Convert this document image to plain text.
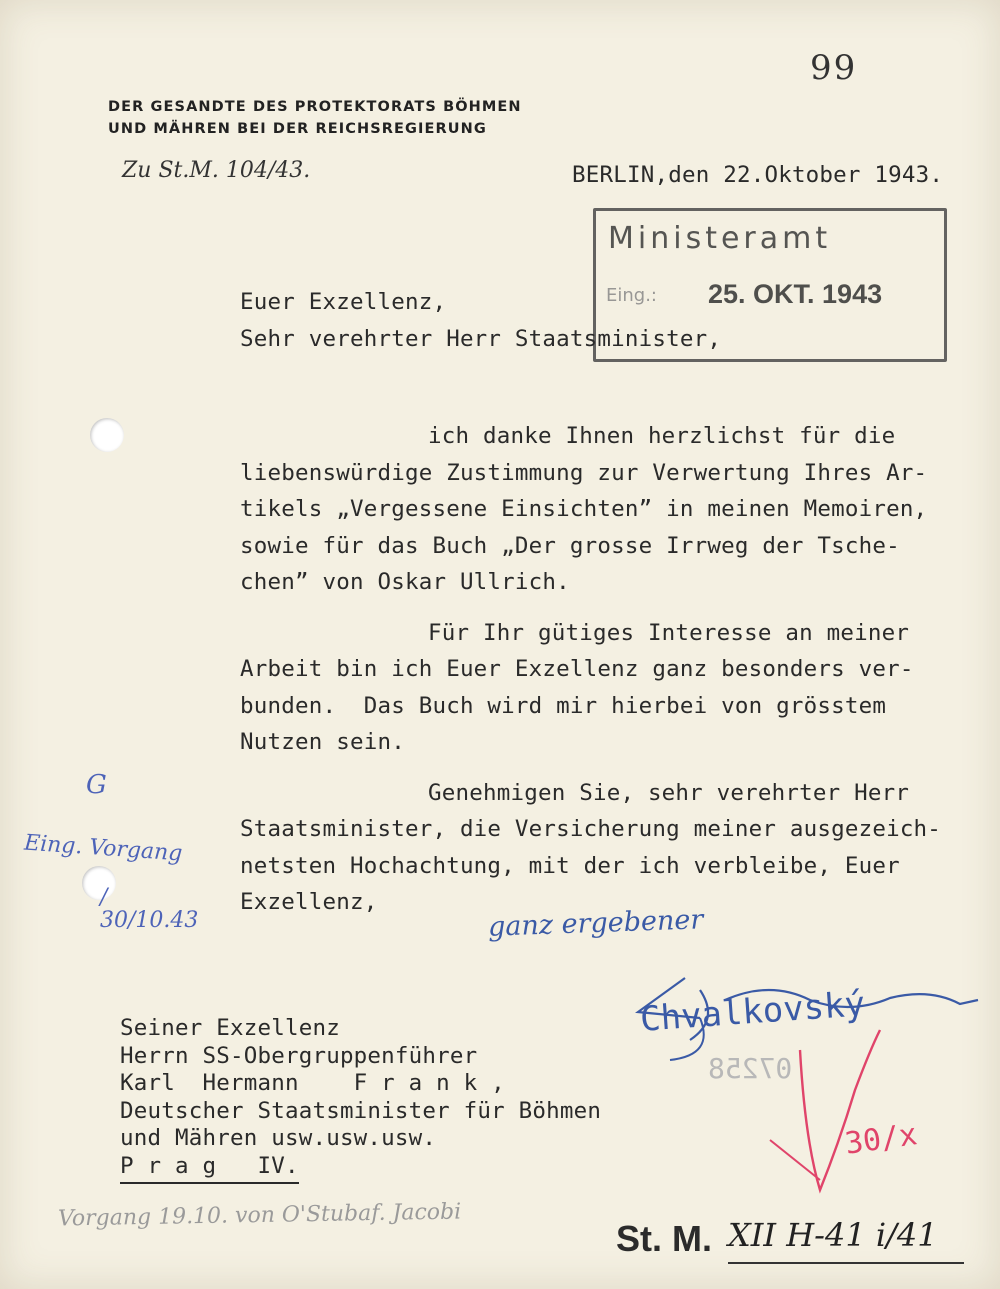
99
DER GESANDTE DES PROTEKTORATS BÖHMEN
UND MÄHREN BEI DER REICHSREGIERUNG
Zu St.M. 104/43.	BERLIN,den 22.Oktober 1943.
Ministeramt
Eing.: 25. OKT. 1943
Euer Exzellenz,
Sehr verehrter Herr Staatsminister,
ich danke Ihnen herzlichst für die
liebenswürdige Zustimmung zur Verwertung Ihres Ar-
tikels „Vergessene Einsichten” in meinen Memoiren,
sowie für das Buch „Der grosse Irrweg der Tsche-
chen” von Oskar Ullrich.
Für Ihr gütiges Interesse an meiner
Arbeit bin ich Euer Exzellenz ganz besonders ver-
bunden.  Das Buch wird mir hierbei von grösstem
Nutzen sein.
Genehmigen Sie, sehr verehrter Herr
Staatsminister, die Versicherung meiner ausgezeich-
netsten Hochachtung, mit der ich verbleibe, Euer
Exzellenz,
G
Eing. Vorgang
/
30/10.43	ganz ergebener
07258
Chvalkovský
30/x
Seiner Exzellenz
Herrn SS-Obergruppenführer
Karl  Hermann    F r a n k ,
Deutscher Staatsminister für Böhmen
und Mähren usw.usw.usw.
P r a g   IV.
Vorgang 19.10. von O'Stubaf. Jacobi
St. M. XII H-41 i/41
